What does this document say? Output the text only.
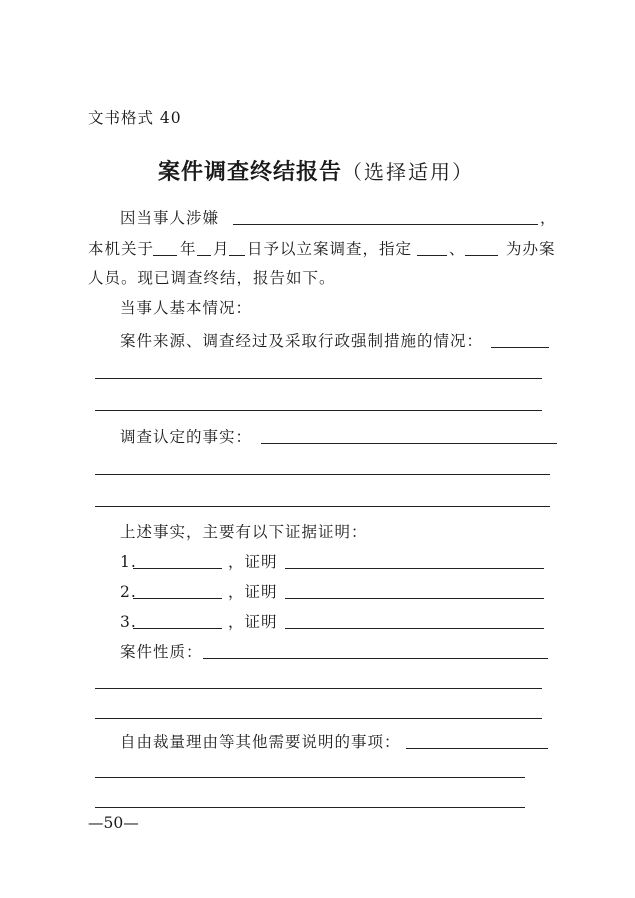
文书格式 40
案件调查终结报告（选择适用）
因当事人涉嫌	，
本机关于 年 月 日予以立案调查，指定 、	为办案
人员。现已调查终结，报告如下。
当事人基本情况：
案件来源、调查经过及采取行政强制措施的情况：
调查认定的事实：
上述事实，主要有以下证据证明：
1.	，证明
2.	，证明
3.	，证明
案件性质：
自由裁量理由等其他需要说明的事项：
—50—
